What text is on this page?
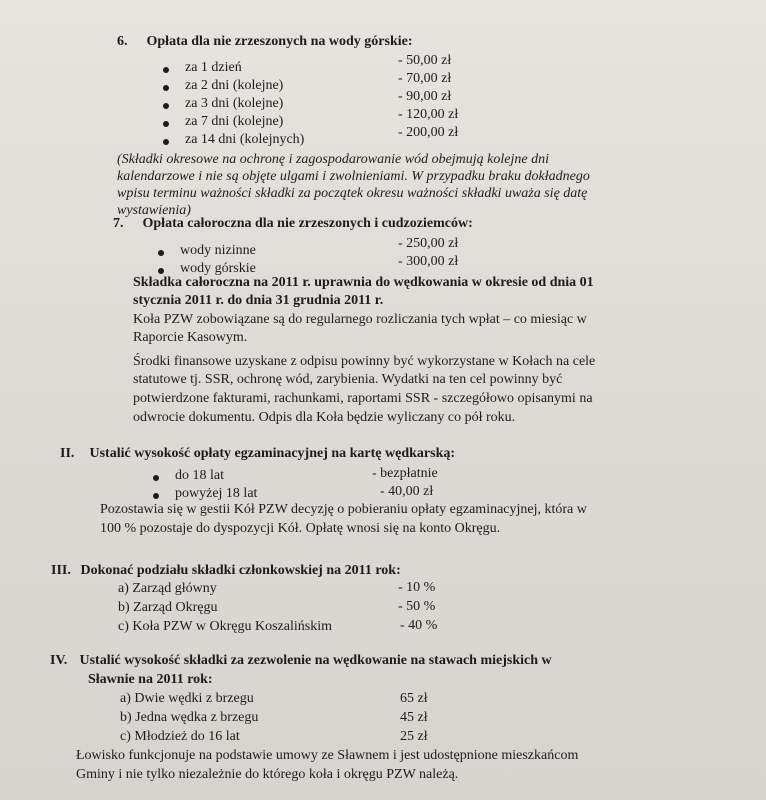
6. Opłata dla nie zrzeszonych na wody górskie:
za 1 dzień	- 50,00 zł
za 2 dni (kolejne)	- 70,00 zł
za 3 dni (kolejne)	- 90,00 zł
za 7 dni (kolejne)	- 120,00 zł
za 14 dni (kolejnych)	- 200,00 zł
(Składki okresowe na ochronę i zagospodarowanie wód obejmują kolejne dni
kalendarzowe i nie są objęte ulgami i zwolnieniami. W przypadku braku dokładnego
wpisu terminu ważności składki za początek okresu ważności składki uważa się datę
wystawienia)
7. Opłata całoroczna dla nie zrzeszonych i cudzoziemców:
wody nizinne	- 250,00 zł
wody górskie	- 300,00 zł
Składka całoroczna na 2011 r. uprawnia do wędkowania w okresie od dnia 01
stycznia 2011 r. do dnia 31 grudnia 2011 r.
Koła PZW zobowiązane są do regularnego rozliczania tych wpłat – co miesiąc w
Raporcie Kasowym.
Środki finansowe uzyskane z odpisu powinny być wykorzystane w Kołach na cele
statutowe tj. SSR, ochronę wód, zarybienia. Wydatki na ten cel powinny być
potwierdzone fakturami, rachunkami, raportami SSR - szczegółowo opisanymi na
odwrocie dokumentu. Odpis dla Koła będzie wyliczany co pół roku.
II. Ustalić wysokość opłaty egzaminacyjnej na kartę wędkarską:
do 18 lat	- bezpłatnie
powyżej 18 lat	- 40,00 zł
Pozostawia się w gestii Kół PZW decyzję o pobieraniu opłaty egzaminacyjnej, która w
100 % pozostaje do dyspozycji Kół. Opłatę wnosi się na konto Okręgu.
III. Dokonać podziału składki członkowskiej na 2011 rok:
a) Zarząd główny	- 10 %
b) Zarząd Okręgu	- 50 %
c) Koła PZW w Okręgu Koszalińskim	- 40 %
IV. Ustalić wysokość składki za zezwolenie na wędkowanie na stawach miejskich w
Sławnie na 2011 rok:
a) Dwie wędki z brzegu	65 zł
b) Jedna wędka z brzegu	45 zł
c) Młodzież do 16 lat	25 zł
Łowisko funkcjonuje na podstawie umowy ze Sławnem i jest udostępnione mieszkańcom
Gminy i nie tylko niezależnie do którego koła i okręgu PZW należą.
